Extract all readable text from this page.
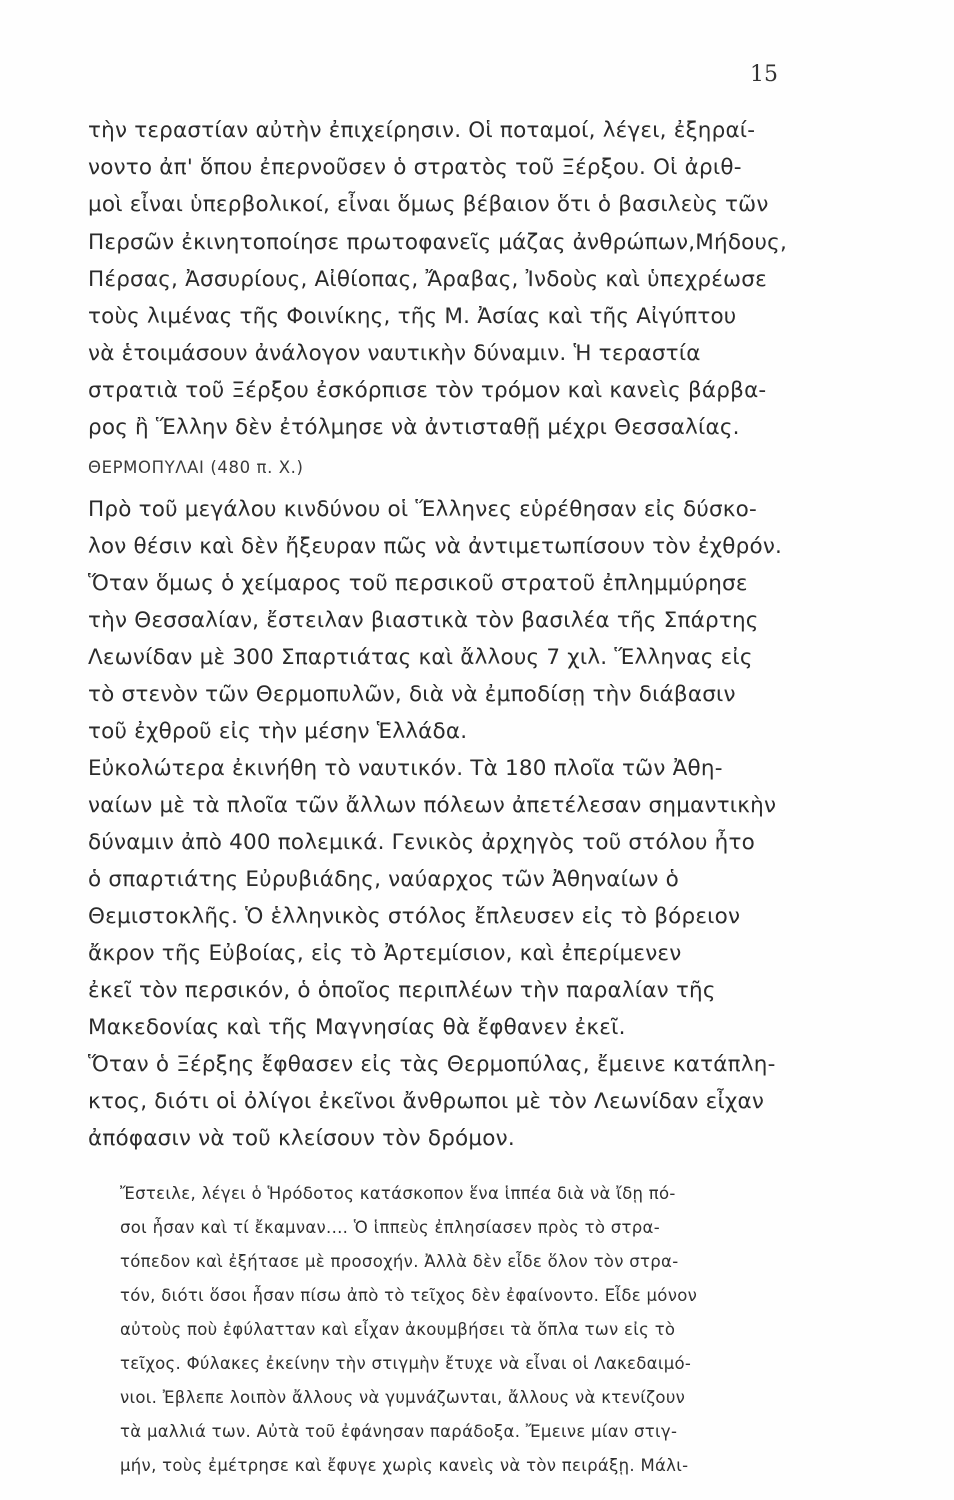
15
τὴν τεραστίαν αὐτὴν ἐπιχείρησιν. Οἱ ποταμοί, λέγει, ἐξηραί-
νοντο ἀπ' ὅπου ἐπερνοῦσεν ὁ στρατὸς τοῦ Ξέρξου. Οἱ ἀριθ-
μοὶ εἶναι ὑπερβολικοί, εἶναι ὅμως βέβαιον ὅτι ὁ βασιλεὺς τῶν
Περσῶν ἐκινητοποίησε πρωτοφανεῖς μάζας ἀνθρώπων,Μήδους,
Πέρσας, Ἀσσυρίους, Αἰθίοπας, Ἄραβας, Ἰνδοὺς καὶ ὑπεχρέωσε
τοὺς λιμένας τῆς Φοινίκης, τῆς Μ. Ἀσίας καὶ τῆς Αἰγύπτου
νὰ ἑτοιμάσουν ἀνάλογον ναυτικὴν δύναμιν. Ἡ τεραστία
στρατιὰ τοῦ Ξέρξου ἐσκόρπισε τὸν τρόμον καὶ κανεὶς βάρβα-
ρος ἢ Ἕλλην δὲν ἐτόλμησε νὰ ἀντισταθῇ μέχρι Θεσσαλίας.
ΘΕΡΜΟΠΥΛΑΙ (480 π. Χ.)
Πρὸ τοῦ μεγάλου κινδύνου οἱ Ἕλληνες εὑρέθησαν εἰς δύσκο-
λον θέσιν καὶ δὲν ἤξευραν πῶς νὰ ἀντιμετωπίσουν τὸν ἐχθρόν.
Ὅταν ὅμως ὁ χείμαρος τοῦ περσικοῦ στρατοῦ ἐπλημμύρησε
τὴν Θεσσαλίαν, ἔστειλαν βιαστικὰ τὸν βασιλέα τῆς Σπάρτης
Λεωνίδαν μὲ 300 Σπαρτιάτας καὶ ἄλλους 7 χιλ. Ἕλληνας εἰς
τὸ στενὸν τῶν Θερμοπυλῶν, διὰ νὰ ἐμποδίσῃ τὴν διάβασιν
τοῦ ἐχθροῦ εἰς τὴν μέσην Ἑλλάδα.
Εὐκολώτερα ἐκινήθη τὸ ναυτικόν. Τὰ 180 πλοῖα τῶν Ἀθη-
ναίων μὲ τὰ πλοῖα τῶν ἄλλων πόλεων ἀπετέλεσαν σημαντικὴν
δύναμιν ἀπὸ 400 πολεμικά. Γενικὸς ἀρχηγὸς τοῦ στόλου ἦτο
ὁ σπαρτιάτης Εὐρυβιάδης, ναύαρχος τῶν Ἀθηναίων ὁ
Θεμιστοκλῆς. Ὁ ἑλληνικὸς στόλος ἔπλευσεν εἰς τὸ βόρειον
ἄκρον τῆς Εὐβοίας, εἰς τὸ Ἀρτεμίσιον, καὶ ἐπερίμενεν
ἐκεῖ τὸν περσικόν, ὁ ὁποῖος περιπλέων τὴν παραλίαν τῆς
Μακεδονίας καὶ τῆς Μαγνησίας θὰ ἔφθανεν ἐκεῖ.
Ὅταν ὁ Ξέρξης ἔφθασεν εἰς τὰς Θερμοπύλας, ἔμεινε κατάπλη-
κτος, διότι οἱ ὀλίγοι ἐκεῖνοι ἄνθρωποι μὲ τὸν Λεωνίδαν εἶχαν
ἀπόφασιν νὰ τοῦ κλείσουν τὸν δρόμον.
Ἔστειλε, λέγει ὁ Ἡρόδοτος κατάσκοπον ἕνα ἱππέα διὰ νὰ ἴδῃ πό-
σοι ἦσαν καὶ τί ἔκαμναν.... Ὁ ἱππεὺς ἐπλησίασεν πρὸς τὸ στρα-
τόπεδον καὶ ἐξήτασε μὲ προσοχήν. Ἀλλὰ δὲν εἶδε ὅλον τὸν στρα-
τόν, διότι ὅσοι ἦσαν πίσω ἀπὸ τὸ τεῖχος δὲν ἐφαίνοντο. Εἶδε μόνον
αὐτοὺς ποὺ ἐφύλατταν καὶ εἶχαν ἀκουμβήσει τὰ ὅπλα των εἰς τὸ
τεῖχος. Φύλακες ἐκείνην τὴν στιγμὴν ἔτυχε νὰ εἶναι οἱ Λακεδαιμό-
νιοι. Ἐβλεπε λοιπὸν ἄλλους νὰ γυμνάζωνται, ἄλλους νὰ κτενίζουν
τὰ μαλλιά των. Αὐτὰ τοῦ ἐφάνησαν παράδοξα. Ἔμεινε μίαν στιγ-
μήν, τοὺς ἐμέτρησε καὶ ἔφυγε χωρὶς κανεὶς νὰ τὸν πειράξῃ. Μάλι-
